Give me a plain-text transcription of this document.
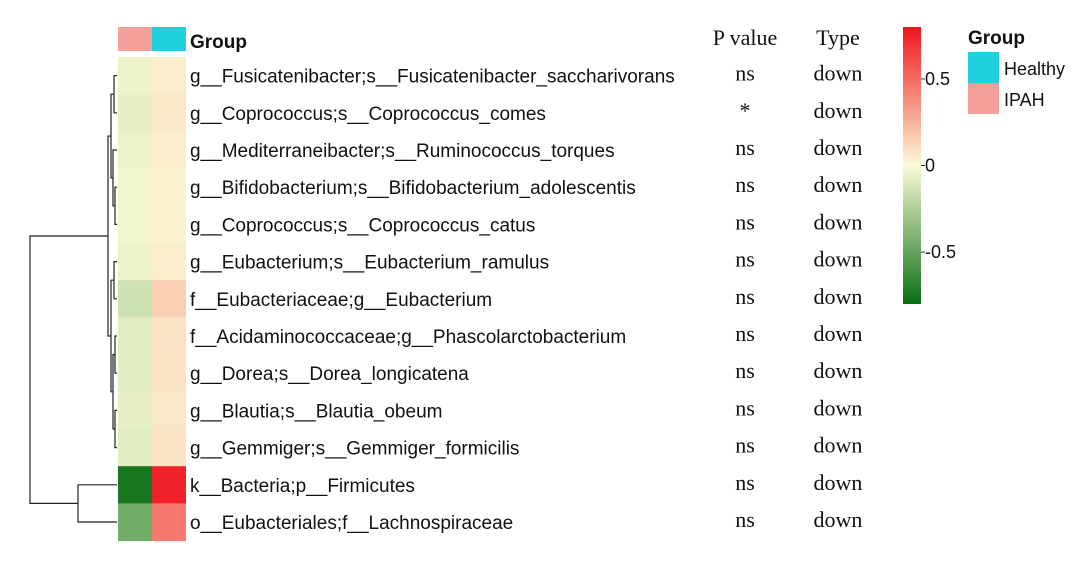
Group	P value Type
g__Fusicatenibacter;s__Fusicatenibacter_saccharivorans
g__Coprococcus;s__Coprococcus_comes
g__Mediterraneibacter;s__Ruminococcus_torques
g__Bifidobacterium;s__Bifidobacterium_adolescentis
g__Coprococcus;s__Coprococcus_catus
g__Eubacterium;s__Eubacterium_ramulus
f__Eubacteriaceae;g__Eubacterium
f__Acidaminococcaceae;g__Phascolarctobacterium
g__Dorea;s__Dorea_longicatena
g__Blautia;s__Blautia_obeum
g__Gemmiger;s__Gemmiger_formicilis
k__Bacteria;p__Firmicutes
o__Eubacteriales;f__Lachnospiraceae
ns
*
ns
ns
ns
ns
ns
ns
ns
ns
ns
ns
ns
down
down
down
down
down
down
down
down
down
down
down
down
down
0.5
0
-0.5
Group
Healthy
IPAH
